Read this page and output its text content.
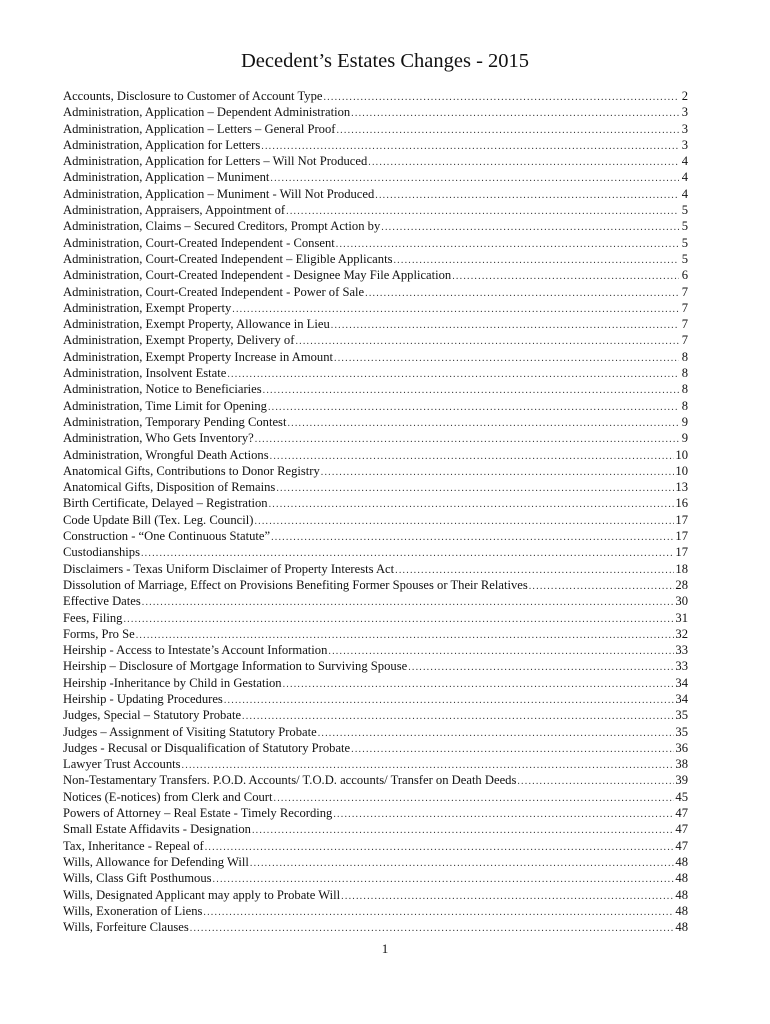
Decedent’s Estates Changes - 2015
Accounts, Disclosure to Customer of Account Type .....	2
Administration, Application – Dependent Administration .....	3
Administration, Application – Letters – General Proof .....	3
Administration, Application for Letters .....	3
Administration, Application for Letters – Will Not Produced .....	4
Administration, Application – Muniment .....	4
Administration, Application – Muniment - Will Not Produced .....	4
Administration, Appraisers, Appointment of .....	5
Administration, Claims – Secured Creditors, Prompt Action by .....	5
Administration, Court-Created Independent - Consent .....	5
Administration, Court-Created Independent – Eligible Applicants .....	5
Administration, Court-Created Independent - Designee May File Application .....	6
Administration, Court-Created Independent - Power of Sale .....	7
Administration, Exempt Property .....	7
Administration, Exempt Property, Allowance in Lieu .....	7
Administration, Exempt Property, Delivery of .....	7
Administration, Exempt Property Increase in Amount .....	8
Administration, Insolvent Estate .....	8
Administration, Notice to Beneficiaries .....	8
Administration, Time Limit for Opening .....	8
Administration, Temporary Pending Contest .....	9
Administration, Who Gets Inventory? .....	9
Administration, Wrongful Death Actions .....	10
Anatomical Gifts, Contributions to Donor Registry .....	10
Anatomical Gifts, Disposition of Remains .....	13
Birth Certificate, Delayed – Registration .....	16
Code Update Bill (Tex. Leg. Council) .....	17
Construction - “One Continuous Statute” .....	17
Custodianships .....	17
Disclaimers - Texas Uniform Disclaimer of Property Interests Act .....	18
Dissolution of Marriage, Effect on Provisions Benefiting Former Spouses or Their Relatives .....	28
Effective Dates .....	30
Fees, Filing .....	31
Forms, Pro Se .....	32
Heirship - Access to Intestate’s Account Information .....	33
Heirship – Disclosure of Mortgage Information to Surviving Spouse .....	33
Heirship -Inheritance by Child in Gestation .....	34
Heirship - Updating Procedures .....	34
Judges, Special – Statutory Probate .....	35
Judges – Assignment of Visiting Statutory Probate .....	35
Judges - Recusal or Disqualification of Statutory Probate .....	36
Lawyer Trust Accounts .....	38
Non-Testamentary Transfers. P.O.D. Accounts/ T.O.D. accounts/ Transfer on Death Deeds .....	39
Notices (E-notices) from Clerk and Court .....	45
Powers of Attorney – Real Estate - Timely Recording .....	47
Small Estate Affidavits - Designation .....	47
Tax, Inheritance - Repeal of .....	47
Wills, Allowance for Defending Will .....	48
Wills, Class Gift Posthumous .....	48
Wills, Designated Applicant may apply to Probate Will .....	48
Wills, Exoneration of Liens .....	48
Wills, Forfeiture Clauses .....	48
1
